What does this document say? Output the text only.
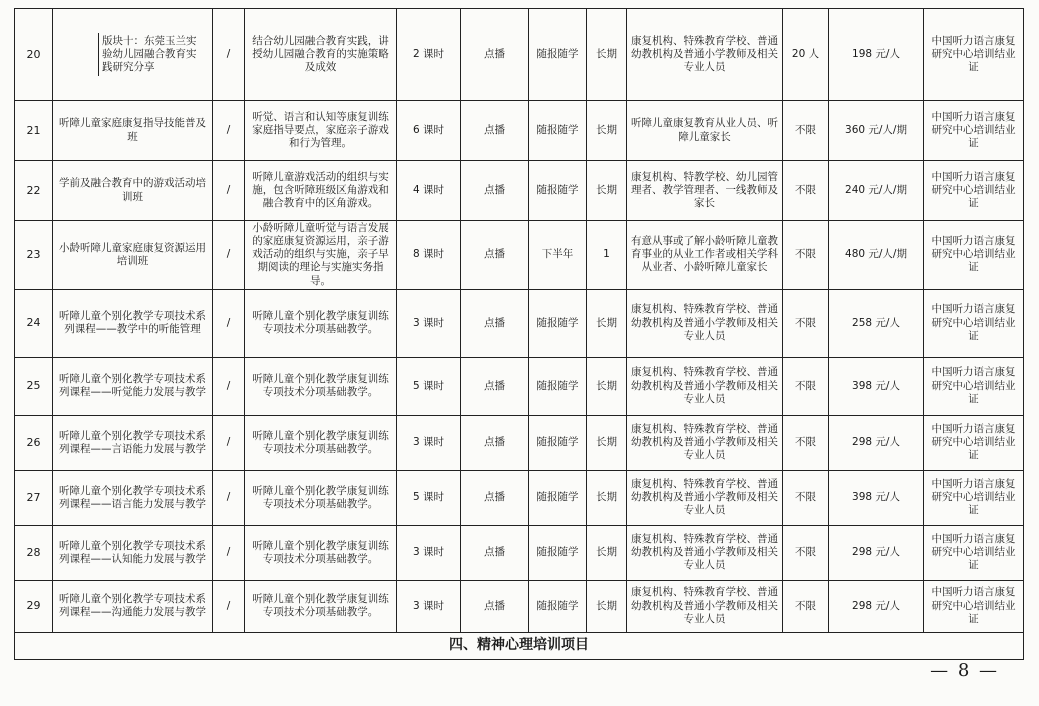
20	版块十：东莞玉兰实验幼儿园融合教育实践研究分享	/	结合幼儿园融合教育实践，讲授幼儿园融合教育的实施策略及成效	2 课时	点播	随报随学	长期	康复机构、特殊教育学校、普通幼教机构及普通小学教师及相关专业人员	20 人	198 元/人	中国听力语言康复研究中心培训结业证
21	听障儿童家庭康复指导技能普及班	/	听觉、语言和认知等康复训练家庭指导要点，家庭亲子游戏和行为管理。	6 课时	点播	随报随学	长期	听障儿童康复教育从业人员、听障儿童家长	不限	360 元/人/期	中国听力语言康复研究中心培训结业证
22	学前及融合教育中的游戏活动培训班	/	听障儿童游戏活动的组织与实施，包含听障班级区角游戏和融合教育中的区角游戏。	4 课时	点播	随报随学	长期	康复机构、特教学校、幼儿园管理者、教学管理者、一线教师及家长	不限	240 元/人/期	中国听力语言康复研究中心培训结业证
23	小龄听障儿童家庭康复资源运用培训班	/	小龄听障儿童听觉与语言发展的家庭康复资源运用，亲子游戏活动的组织与实施，亲子早期阅读的理论与实施实务指导。	8 课时	点播	下半年	1	有意从事或了解小龄听障儿童教育事业的从业工作者或相关学科从业者、小龄听障儿童家长	不限	480 元/人/期	中国听力语言康复研究中心培训结业证
24	听障儿童个别化教学专项技术系列课程——教学中的听能管理	/	听障儿童个别化教学康复训练专项技术分项基础教学。	3 课时	点播	随报随学	长期	康复机构、特殊教育学校、普通幼教机构及普通小学教师及相关专业人员	不限	258 元/人	中国听力语言康复研究中心培训结业证
25	听障儿童个别化教学专项技术系列课程——听觉能力发展与教学	/	听障儿童个别化教学康复训练专项技术分项基础教学。	5 课时	点播	随报随学	长期	康复机构、特殊教育学校、普通幼教机构及普通小学教师及相关专业人员	不限	398 元/人	中国听力语言康复研究中心培训结业证
26	听障儿童个别化教学专项技术系列课程——言语能力发展与教学	/	听障儿童个别化教学康复训练专项技术分项基础教学。	3 课时	点播	随报随学	长期	康复机构、特殊教育学校、普通幼教机构及普通小学教师及相关专业人员	不限	298 元/人	中国听力语言康复研究中心培训结业证
27	听障儿童个别化教学专项技术系列课程——语言能力发展与教学	/	听障儿童个别化教学康复训练专项技术分项基础教学。	5 课时	点播	随报随学	长期	康复机构、特殊教育学校、普通幼教机构及普通小学教师及相关专业人员	不限	398 元/人	中国听力语言康复研究中心培训结业证
28	听障儿童个别化教学专项技术系列课程——认知能力发展与教学	/	听障儿童个别化教学康复训练专项技术分项基础教学。	3 课时	点播	随报随学	长期	康复机构、特殊教育学校、普通幼教机构及普通小学教师及相关专业人员	不限	298 元/人	中国听力语言康复研究中心培训结业证
29	听障儿童个别化教学专项技术系列课程——沟通能力发展与教学	/	听障儿童个别化教学康复训练专项技术分项基础教学。	3 课时	点播	随报随学	长期	康复机构、特殊教育学校、普通幼教机构及普通小学教师及相关专业人员	不限	298 元/人	中国听力语言康复研究中心培训结业证
四、精神心理培训项目											
— 8 —
